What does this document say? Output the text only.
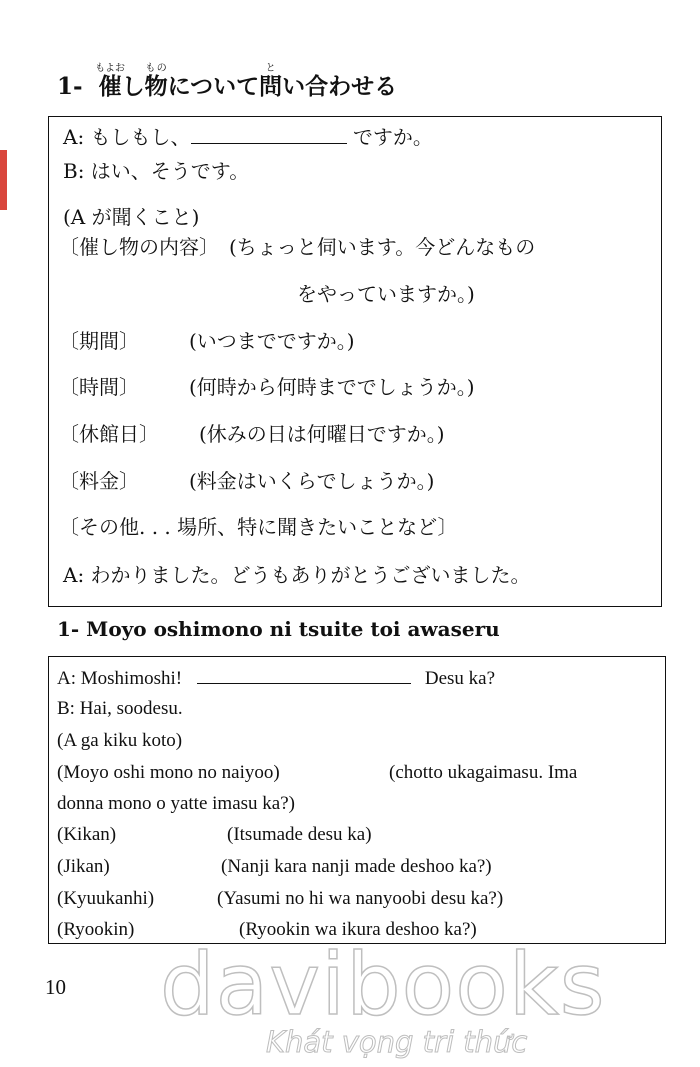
1- 催もよおし物ものについて問とい合わせる
A: もしもし、	ですか。
B: はい、そうです。
(A が聞くこと)
〔催し物の内容〕 (ちょっと伺います。今どんなもの
をやっていますか。)
〔期間〕	(いつまでですか。)
〔時間〕	(何時から何時まででしょうか。)
〔休館日〕 (休みの日は何曜日ですか。)
〔料金〕	(料金はいくらでしょうか。)
〔その他. . . 場所、特に聞きたいことなど〕
A: わかりました。どうもありがとうございました。
1- Moyo oshimono ni tsuite toi awaseru
A: Moshimoshi!	Desu ka?
B: Hai, soodesu.
(A ga kiku koto)
(Moyo oshi mono no naiyoo)	(chotto ukagaimasu. Ima
donna mono o yatte imasu ka?)
(Kikan)	(Itsumade desu ka)
(Jikan)	(Nanji kara nanji made deshoo ka?)
(Kyuukanhi)	(Yasumi no hi wa nanyoobi desu ka?)
(Ryookin)	(Ryookin wa ikura deshoo ka?)
10 davibooks
Khát vọng tri thức
